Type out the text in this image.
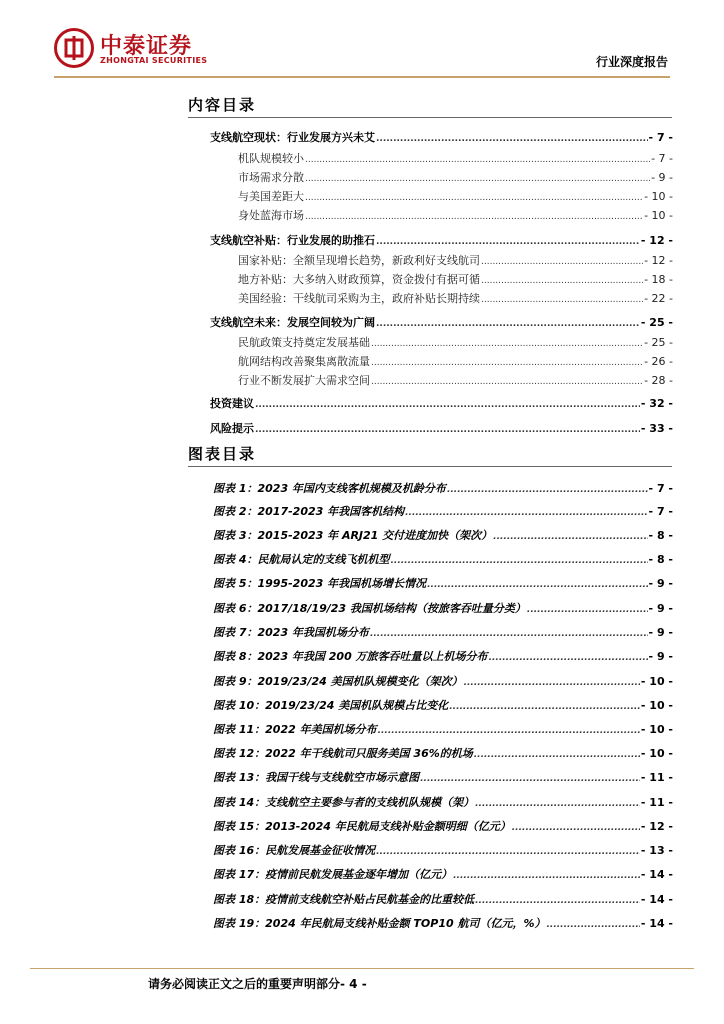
中泰证券
ZHONGTAI SECURITIES	行业深度报告
内容目录
图表目录
支线航空现状：行业发展方兴未艾 .....	- 7 -
机队规模较小 .....	- 7 -
市场需求分散 .....	- 9 -
与美国差距大 .....	- 10 -
身处蓝海市场 .....	- 10 -
支线航空补贴：行业发展的助推石 .....	- 12 -
国家补贴：全额呈现增长趋势，新政利好支线航司 .....	- 12 -
地方补贴：大多纳入财政预算，资金拨付有据可循 .....	- 18 -
美国经验：干线航司采购为主，政府补贴长期持续 .....	- 22 -
支线航空未来：发展空间较为广阔 .....	- 25 -
民航政策支持奠定发展基础 .....	- 25 -
航网结构改善聚集离散流量 .....	- 26 -
行业不断发展扩大需求空间 .....	- 28 -
投资建议 .....	- 32 -
风险提示 .....	- 33 -
图表 1：2023 年国内支线客机规模及机龄分布 .....	- 7 -
图表 2：2017-2023 年我国客机结构 .....	- 7 -
图表 3：2015-2023 年 ARJ21 交付进度加快（架次） .....	- 8 -
图表 4：民航局认定的支线飞机机型 .....	- 8 -
图表 5：1995-2023 年我国机场增长情况 .....	- 9 -
图表 6：2017/18/19/23 我国机场结构（按旅客吞吐量分类） .....	- 9 -
图表 7：2023 年我国机场分布 .....	- 9 -
图表 8：2023 年我国 200 万旅客吞吐量以上机场分布 .....	- 9 -
图表 9：2019/23/24 美国机队规模变化（架次） .....	- 10 -
图表 10：2019/23/24 美国机队规模占比变化 .....	- 10 -
图表 11：2022 年美国机场分布 .....	- 10 -
图表 12：2022 年干线航司只服务美国 36%的机场 .....	- 10 -
图表 13：我国干线与支线航空市场示意图 .....	- 11 -
图表 14：支线航空主要参与者的支线机队规模（架） .....	- 11 -
图表 15：2013-2024 年民航局支线补贴金额明细（亿元） .....	- 12 -
图表 16：民航发展基金征收情况 .....	- 13 -
图表 17：疫情前民航发展基金逐年增加（亿元） .....	- 14 -
图表 18：疫情前支线航空补贴占民航基金的比重较低 .....	- 14 -
图表 19：2024 年民航局支线补贴金额 TOP10 航司（亿元，%） .....	- 14 -
请务必阅读正文之后的重要声明部分- 4 -
